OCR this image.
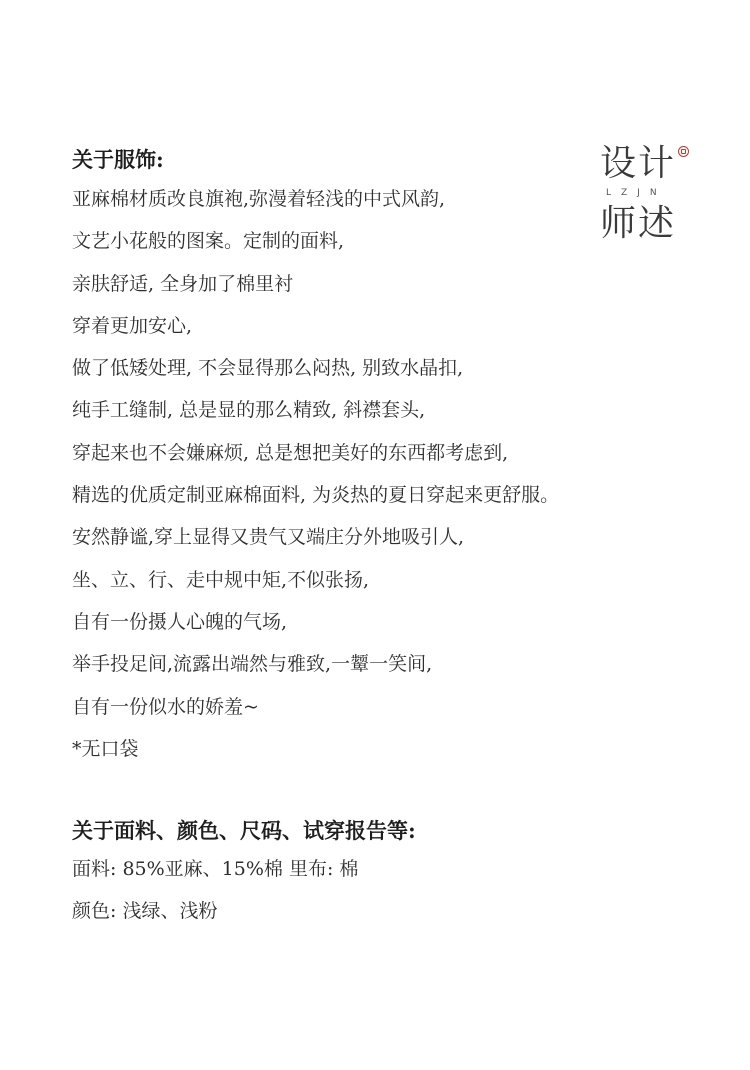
设计
LZJN
师述
关于服饰:
亚麻棉材质改良旗袍,弥漫着轻浅的中式风韵,
文艺小花般的图案。定制的面料,
亲肤舒适, 全身加了棉里衬
穿着更加安心,
做了低矮处理, 不会显得那么闷热, 别致水晶扣,
纯手工缝制, 总是显的那么精致, 斜襟套头,
穿起来也不会嫌麻烦, 总是想把美好的东西都考虑到,
精选的优质定制亚麻棉面料, 为炎热的夏日穿起来更舒服。
安然静谧,穿上显得又贵气又端庄分外地吸引人,
坐、立、行、走中规中矩,不似张扬,
自有一份摄人心魄的气场,
举手投足间,流露出端然与雅致,一颦一笑间,
自有一份似水的娇羞~
*无口袋
关于面料、颜色、尺码、试穿报告等:
面料: 85%亚麻、15%棉 里布: 棉
颜色: 浅绿、浅粉
